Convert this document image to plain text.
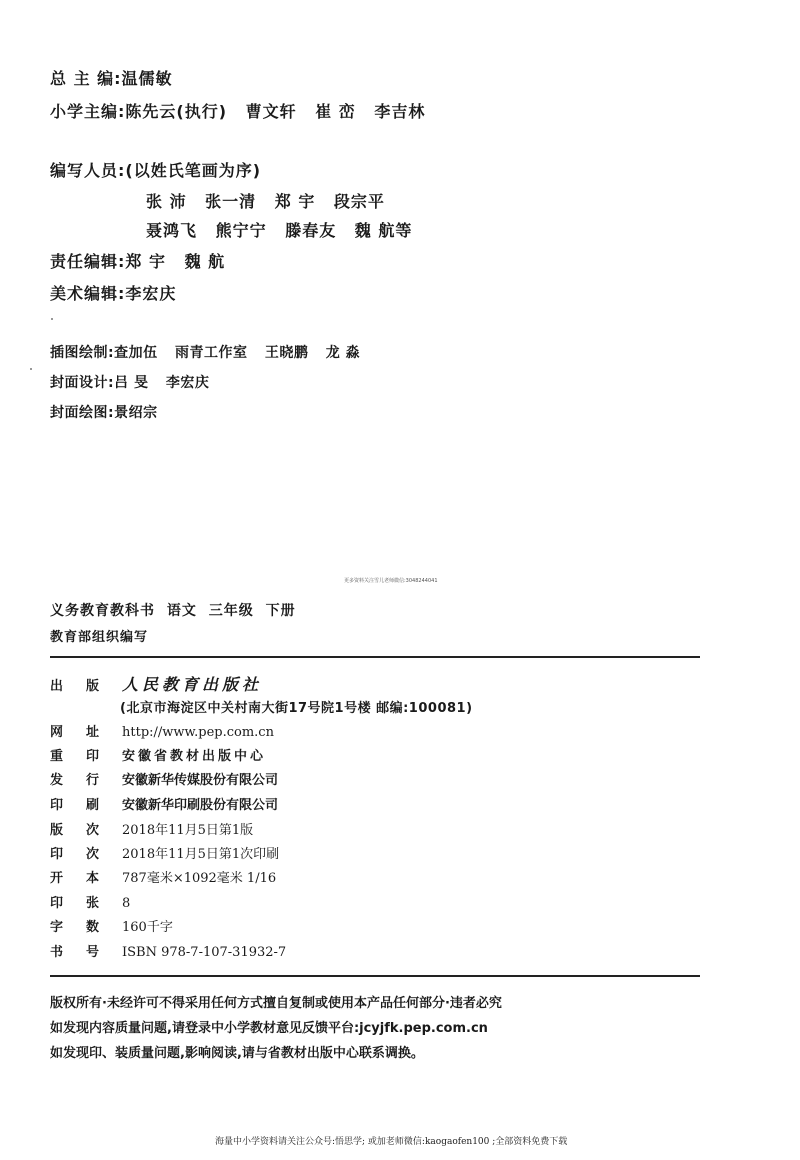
总 主 编:温儒敏
小学主编:陈先云(执行) 曹文轩 崔 峦 李吉林
编写人员:(以姓氏笔画为序)
张 沛 张一清 郑 宇 段宗平
聂鸿飞 熊宁宁 滕春友 魏 航等
责任编辑:郑 宇 魏 航
美术编辑:李宏庆
插图绘制:查加伍 雨青工作室 王晓鹏 龙 淼
封面设计:吕 旻 李宏庆
封面绘图:景绍宗
更多资料关注雪儿老师微信:3048244041
义务教育教科书 语文 三年级 下册
教育部组织编写
出 版 人民教育出版社
(北京市海淀区中关村南大街17号院1号楼 邮编:100081)
网 址 http://www.pep.com.cn
重 印 安徽省教材出版中心
发 行 安徽新华传媒股份有限公司
印 刷 安徽新华印刷股份有限公司
版 次 2018年11月5日第1版
印 次 2018年11月5日第1次印刷
开 本 787毫米×1092毫米 1/16
印 张 8
字 数 160千字
书 号 ISBN 978-7-107-31932-7
版权所有·未经许可不得采用任何方式擅自复制或使用本产品任何部分·违者必究
如发现内容质量问题,请登录中小学教材意见反馈平台:jcyjfk.pep.com.cn
如发现印、装质量问题,影响阅读,请与省教材出版中心联系调换。
海量中小学资料请关注公众号:悟思学; 或加老师微信:kaogaofen100 ;全部资料免费下载
